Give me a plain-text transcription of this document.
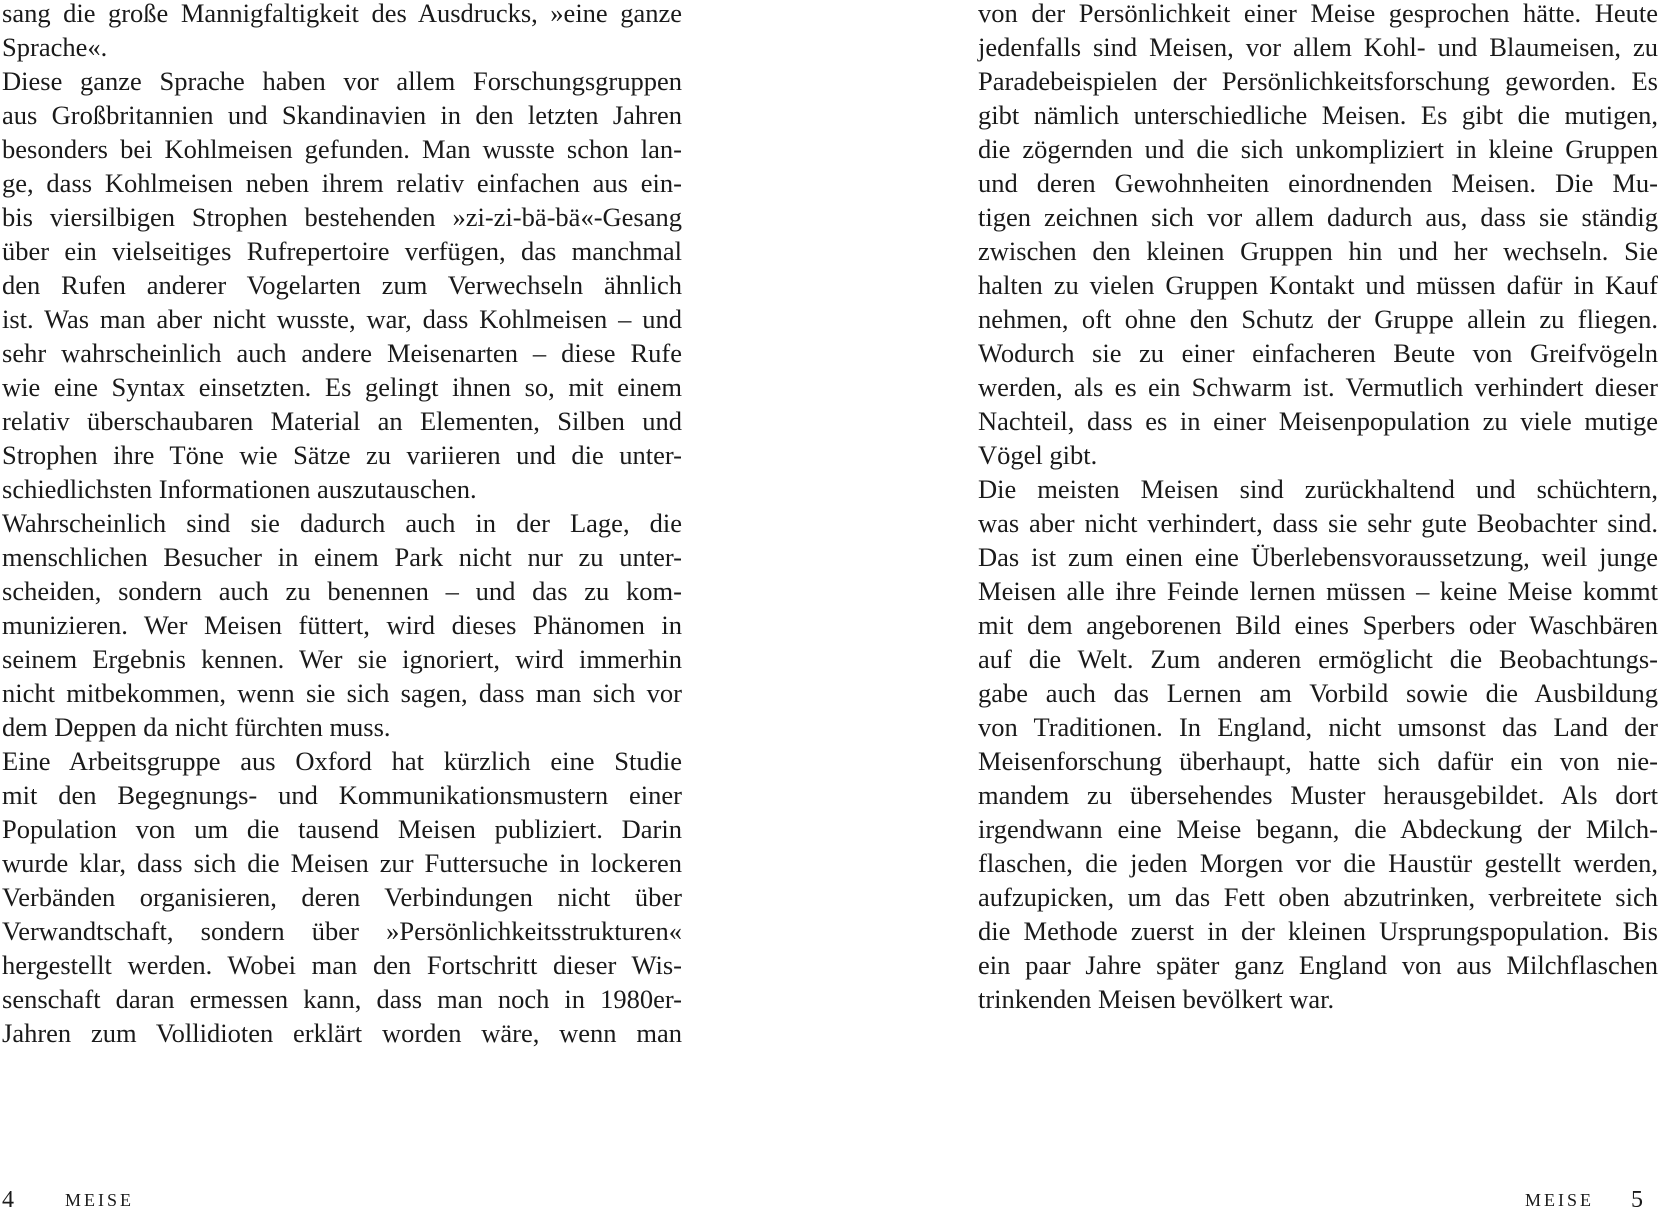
sang die große Mannigfaltigkeit des Ausdrucks, »eine ganze
Sprache«.
Diese ganze Sprache haben vor allem Forschungsgruppen
aus Großbritannien und Skandinavien in den letzten Jahren
besonders bei Kohlmeisen gefunden. Man wusste schon lan-
ge, dass Kohlmeisen neben ihrem relativ einfachen aus ein-
bis viersilbigen Strophen bestehenden »zi-zi-bä-bä«-Gesang
über ein vielseitiges Rufrepertoire verfügen, das manchmal
den Rufen anderer Vogelarten zum Verwechseln ähnlich
ist. Was man aber nicht wusste, war, dass Kohlmeisen – und
sehr wahrscheinlich auch andere Meisenarten – diese Rufe
wie eine Syntax einsetzten. Es gelingt ihnen so, mit einem
relativ überschaubaren Material an Elementen, Silben und
Strophen ihre Töne wie Sätze zu variieren und die unter-
schiedlichsten Informationen auszutauschen.
Wahrscheinlich sind sie dadurch auch in der Lage, die
menschlichen Besucher in einem Park nicht nur zu unter-
scheiden, sondern auch zu benennen – und das zu kom-
munizieren. Wer Meisen füttert, wird dieses Phänomen in
seinem Ergebnis kennen. Wer sie ignoriert, wird immerhin
nicht mitbekommen, wenn sie sich sagen, dass man sich vor
dem Deppen da nicht fürchten muss.
Eine Arbeitsgruppe aus Oxford hat kürzlich eine Studie
mit den Begegnungs- und Kommunikationsmustern einer
Population von um die tausend Meisen publiziert. Darin
wurde klar, dass sich die Meisen zur Futtersuche in lockeren
Verbänden organisieren, deren Verbindungen nicht über
Verwandtschaft, sondern über »Persönlichkeitsstrukturen«
hergestellt werden. Wobei man den Fortschritt dieser Wis-
senschaft daran ermessen kann, dass man noch in 1980er-
Jahren zum Vollidioten erklärt worden wäre, wenn man
4	MEISE
von der Persönlichkeit einer Meise gesprochen hätte. Heute
jedenfalls sind Meisen, vor allem Kohl- und Blaumeisen, zu
Paradebeispielen der Persönlichkeitsforschung geworden. Es
gibt nämlich unterschiedliche Meisen. Es gibt die mutigen,
die zögernden und die sich unkompliziert in kleine Gruppen
und deren Gewohnheiten einordnenden Meisen. Die Mu-
tigen zeichnen sich vor allem dadurch aus, dass sie ständig
zwischen den kleinen Gruppen hin und her wechseln. Sie
halten zu vielen Gruppen Kontakt und müssen dafür in Kauf
nehmen, oft ohne den Schutz der Gruppe allein zu fliegen.
Wodurch sie zu einer einfacheren Beute von Greifvögeln
werden, als es ein Schwarm ist. Vermutlich verhindert dieser
Nachteil, dass es in einer Meisenpopulation zu viele mutige
Vögel gibt.
Die meisten Meisen sind zurückhaltend und schüchtern,
was aber nicht verhindert, dass sie sehr gute Beobachter sind.
Das ist zum einen eine Überlebensvoraussetzung, weil junge
Meisen alle ihre Feinde lernen müssen – keine Meise kommt
mit dem angeborenen Bild eines Sperbers oder Waschbären
auf die Welt. Zum anderen ermöglicht die Beobachtungs-
gabe auch das Lernen am Vorbild sowie die Ausbildung
von Traditionen. In England, nicht umsonst das Land der
Meisenforschung überhaupt, hatte sich dafür ein von nie-
mandem zu übersehendes Muster herausgebildet. Als dort
irgendwann eine Meise begann, die Abdeckung der Milch-
flaschen, die jeden Morgen vor die Haustür gestellt werden,
aufzupicken, um das Fett oben abzutrinken, verbreitete sich
die Methode zuerst in der kleinen Ursprungspopulation. Bis
ein paar Jahre später ganz England von aus Milchflaschen
trinkenden Meisen bevölkert war.
MEISE 5
